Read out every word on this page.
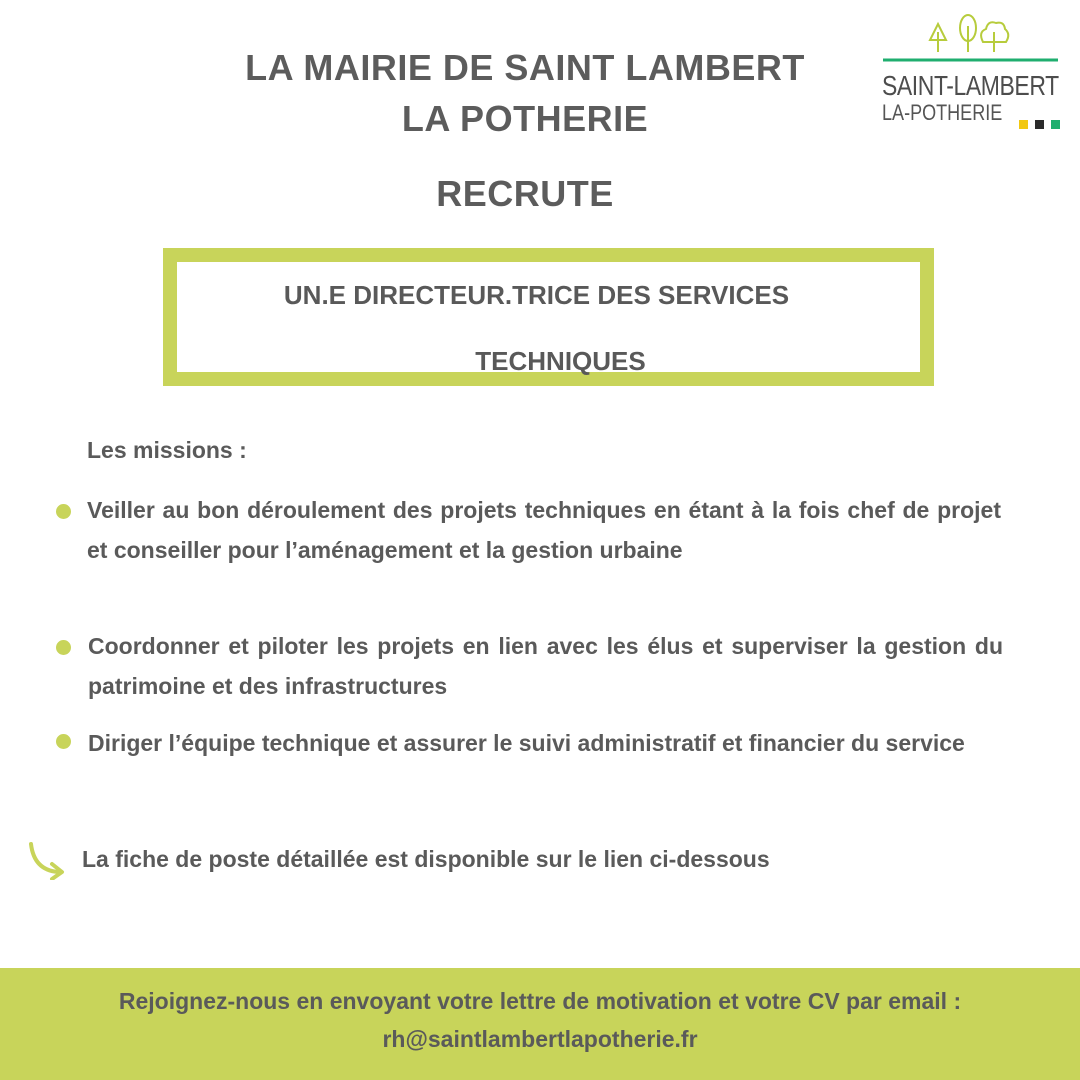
LA MAIRIE DE SAINT LAMBERT
LA POTHERIE
RECRUTE
SAINT-LAMBERT
LA-POTHERIE
UN.E DIRECTEUR.TRICE DES SERVICES
TECHNIQUES
Les missions :
Veiller au bon déroulement des projets techniques en étant à la fois chef de projet et conseiller pour l’aménagement et la gestion urbaine
Coordonner et piloter les projets en lien avec les élus et superviser la gestion du patrimoine et des infrastructures
Diriger l’équipe technique et assurer le suivi administratif et financier du service
La fiche de poste détaillée est disponible sur le lien ci-dessous
Rejoignez-nous en envoyant votre lettre de motivation et votre CV par email :
rh@saintlambertlapotherie.fr
